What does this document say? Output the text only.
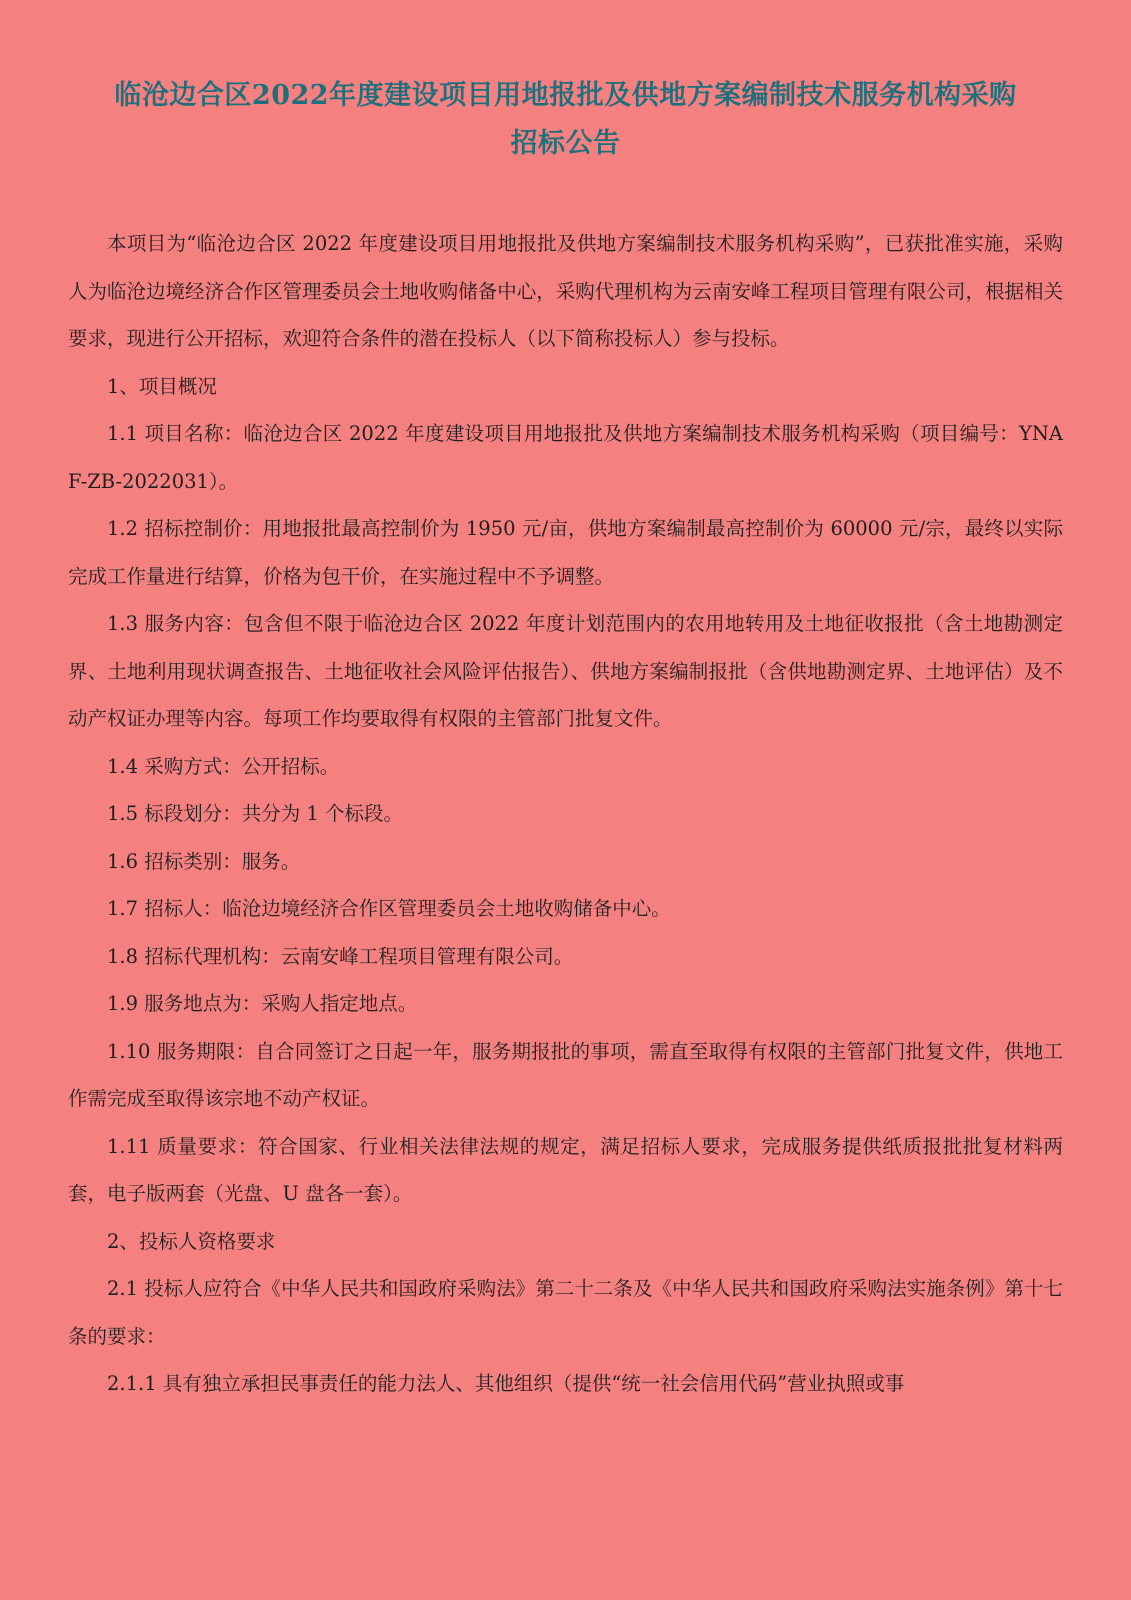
临沧边合区2022年度建设项目用地报批及供地方案编制技术服务机构采购
招标公告

本项目为“临沧边合区 2022 年度建设项目用地报批及供地方案编制技术服务机构采购”，已获批准实施，采购人为临沧边境经济合作区管理委员会土地收购储备中心，采购代理机构为云南安峰工程项目管理有限公司，根据相关要求，现进行公开招标，欢迎符合条件的潜在投标人（以下简称投标人）参与投标。

1、项目概况

1.1 项目名称：临沧边合区 2022 年度建设项目用地报批及供地方案编制技术服务机构采购（项目编号：YNAF-ZB-2022031）。

1.2 招标控制价：用地报批最高控制价为 1950 元/亩，供地方案编制最高控制价为 60000 元/宗，最终以实际完成工作量进行结算，价格为包干价，在实施过程中不予调整。

1.3 服务内容：包含但不限于临沧边合区 2022 年度计划范围内的农用地转用及土地征收报批（含土地勘测定界、土地利用现状调查报告、土地征收社会风险评估报告）、供地方案编制报批（含供地勘测定界、土地评估）及不动产权证办理等内容。每项工作均要取得有权限的主管部门批复文件。

1.4 采购方式：公开招标。

1.5 标段划分：共分为 1 个标段。

1.6 招标类别：服务。

1.7 招标人：临沧边境经济合作区管理委员会土地收购储备中心。

1.8 招标代理机构：云南安峰工程项目管理有限公司。

1.9 服务地点为：采购人指定地点。

1.10 服务期限：自合同签订之日起一年，服务期报批的事项，需直至取得有权限的主管部门批复文件，供地工作需完成至取得该宗地不动产权证。

1.11 质量要求：符合国家、行业相关法律法规的规定，满足招标人要求，完成服务提供纸质报批批复材料两套，电子版两套（光盘、U 盘各一套）。

2、投标人资格要求

2.1 投标人应符合《中华人民共和国政府采购法》第二十二条及《中华人民共和国政府采购法实施条例》第十七条的要求：

2.1.1 具有独立承担民事责任的能力法人、其他组织（提供“统一社会信用代码”营业执照或事
